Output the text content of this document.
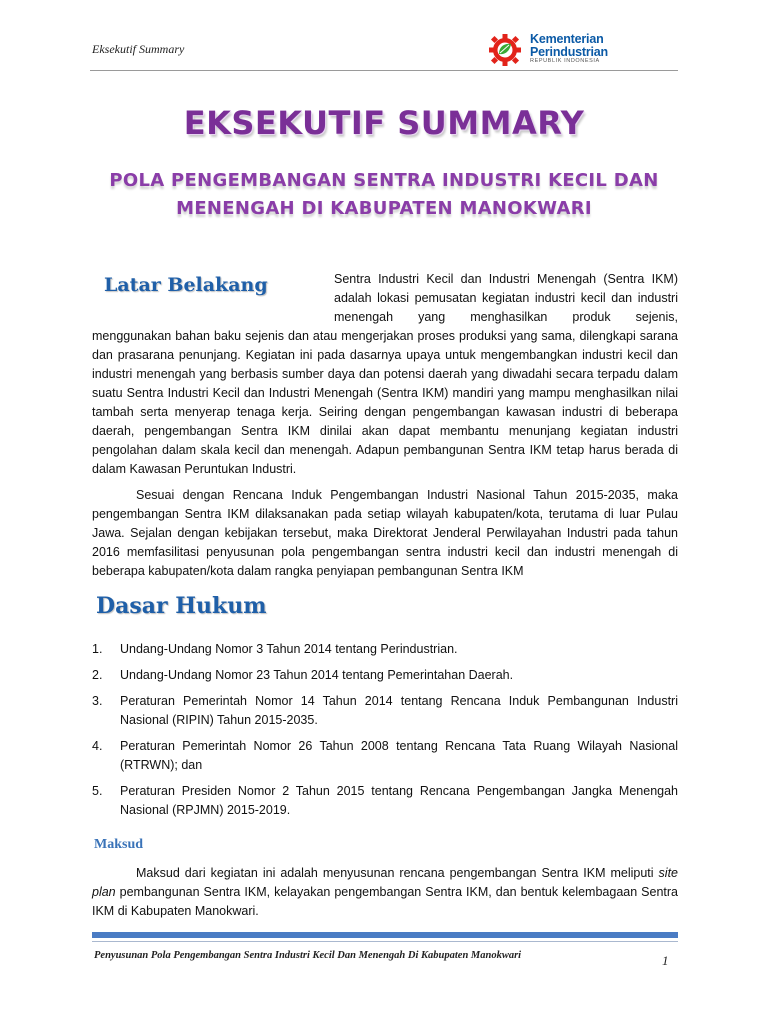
Eksekutif Summary
Kementerian
Perindustrian
REPUBLIK INDONESIA
EKSEKUTIF SUMMARY
POLA PENGEMBANGAN SENTRA INDUSTRI KECIL DAN
MENENGAH DI KABUPATEN MANOKWARI
Latar Belakang	Sentra Industri Kecil dan Industri Menengah (Sentra IKM) adalah lokasi pemusatan kegiatan industri kecil dan industri menengah yang menghasilkan produk sejenis,
menggunakan bahan baku sejenis dan atau mengerjakan proses produksi yang sama, dilengkapi sarana dan prasarana penunjang. Kegiatan ini pada dasarnya upaya untuk mengembangkan industri kecil dan industri menengah yang berbasis sumber daya dan potensi daerah yang diwadahi secara terpadu dalam suatu Sentra Industri Kecil dan Industri Menengah (Sentra IKM) mandiri yang mampu menghasilkan nilai tambah serta menyerap tenaga kerja. Seiring dengan pengembangan kawasan industri di beberapa daerah, pengembangan Sentra IKM dinilai akan dapat membantu menunjang kegiatan industri pengolahan dalam skala kecil dan menengah. Adapun pembangunan Sentra IKM tetap harus berada di dalam Kawasan Peruntukan Industri.
Sesuai dengan Rencana Induk Pengembangan Industri Nasional Tahun 2015-2035, maka pengembangan Sentra IKM dilaksanakan pada setiap wilayah kabupaten/kota, terutama di luar Pulau Jawa. Sejalan dengan kebijakan tersebut, maka Direktorat Jenderal Perwilayahan Industri pada tahun 2016 memfasilitasi penyusunan pola pengembangan sentra industri kecil dan industri menengah di beberapa kabupaten/kota dalam rangka penyiapan pembangunan Sentra IKM
Dasar Hukum
1. Undang-Undang Nomor 3 Tahun 2014 tentang Perindustrian.
2. Undang-Undang Nomor 23 Tahun 2014 tentang Pemerintahan Daerah.
3. Peraturan Pemerintah Nomor 14 Tahun 2014 tentang Rencana Induk Pembangunan Industri Nasional (RIPIN) Tahun 2015-2035.
4. Peraturan Pemerintah Nomor 26 Tahun 2008 tentang Rencana Tata Ruang Wilayah Nasional (RTRWN); dan
5. Peraturan Presiden Nomor 2 Tahun 2015 tentang Rencana Pengembangan Jangka Menengah Nasional (RPJMN) 2015-2019.
Maksud
Maksud dari kegiatan ini adalah menyusunan rencana pengembangan Sentra IKM meliputi site plan pembangunan Sentra IKM, kelayakan pengembangan Sentra IKM, dan bentuk kelembagaan Sentra IKM di Kabupaten Manokwari.
Penyusunan Pola Pengembangan Sentra Industri Kecil Dan Menengah Di Kabupaten Manokwari	1
